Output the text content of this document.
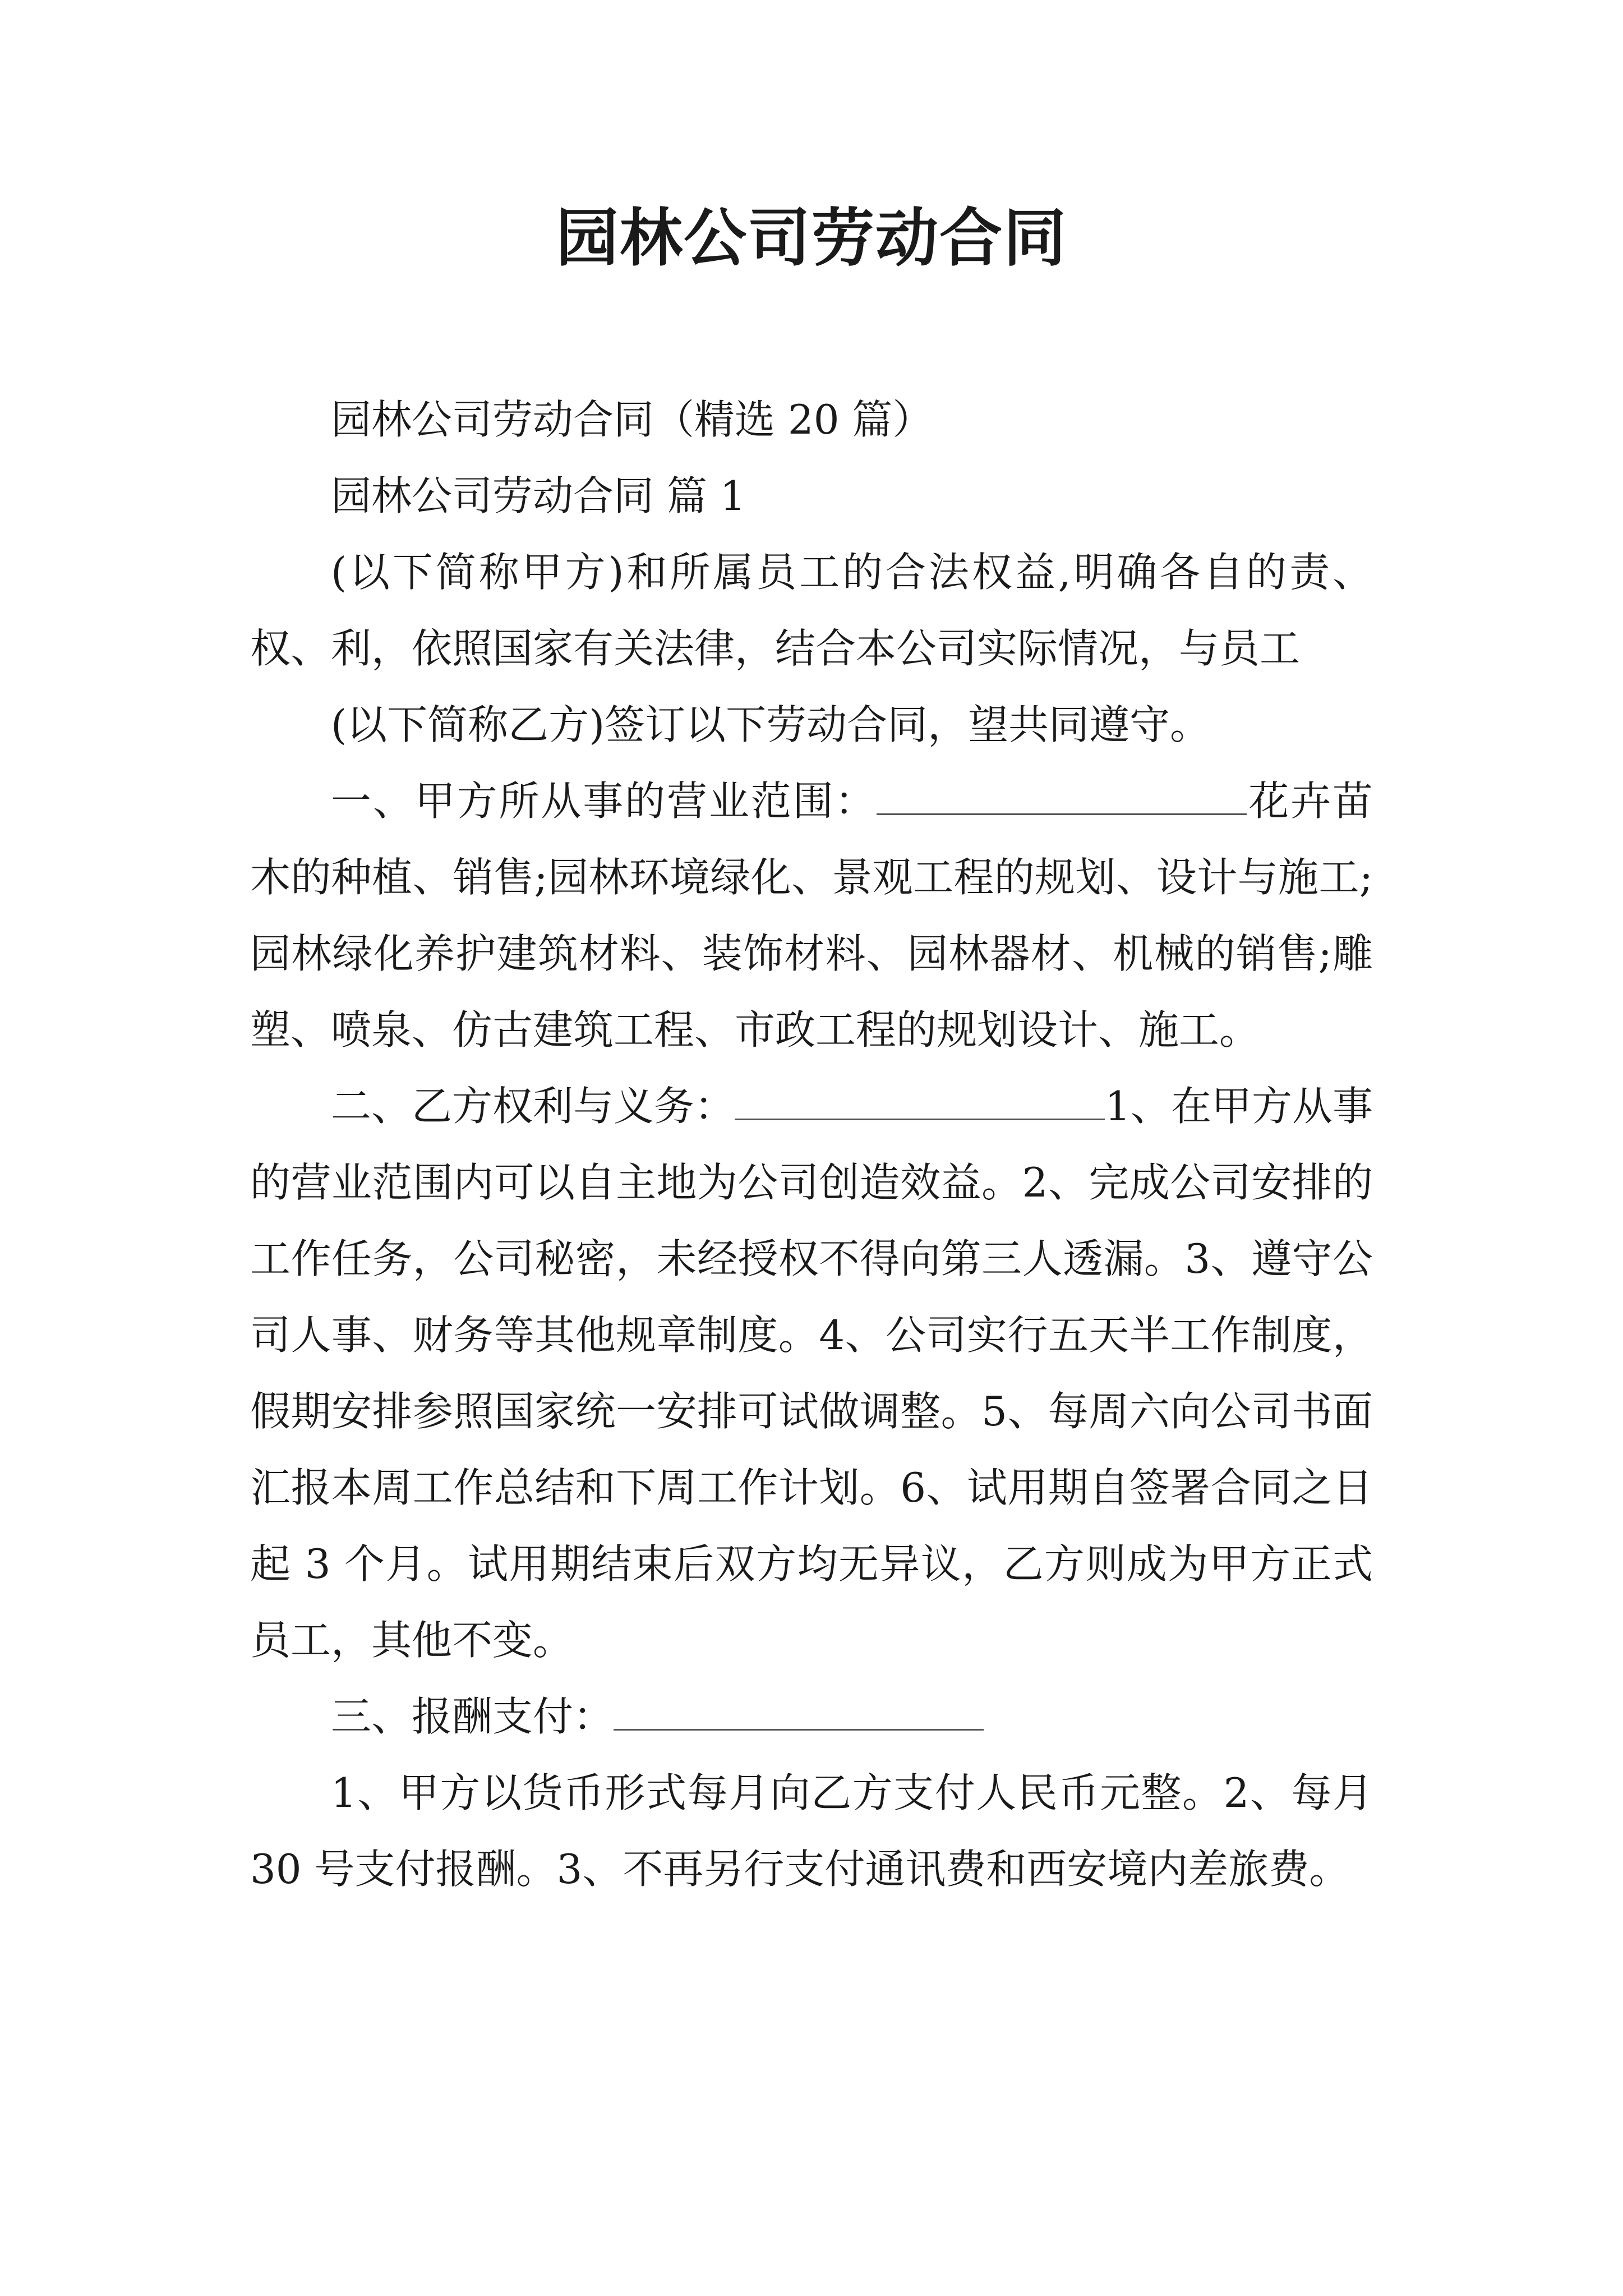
园林公司劳动合同

园林公司劳动合同（精选 20 篇）

园林公司劳动合同 篇 1

(以下简称甲方)和所属员工的合法权益,明确各自的责、权、利，依照国家有关法律，结合本公司实际情况，与员工

(以下简称乙方)签订以下劳动合同，望共同遵守。

一、甲方所从事的营业范围：	花卉苗木的种植、销售;园林环境绿化、景观工程的规划、设计与施工;园林绿化养护建筑材料、装饰材料、园林器材、机械的销售;雕塑、喷泉、仿古建筑工程、市政工程的规划设计、施工。

二、乙方权利与义务：	1、在甲方从事的营业范围内可以自主地为公司创造效益。2、完成公司安排的工作任务，公司秘密，未经授权不得向第三人透漏。3、遵守公司人事、财务等其他规章制度。4、公司实行五天半工作制度，假期安排参照国家统一安排可试做调整。5、每周六向公司书面汇报本周工作总结和下周工作计划。6、试用期自签署合同之日起 3 个月。试用期结束后双方均无异议，乙方则成为甲方正式员工，其他不变。

三、报酬支付：

1、甲方以货币形式每月向乙方支付人民币元整。2、每月 30 号支付报酬。3、不再另行支付通讯费和西安境内差旅费。
